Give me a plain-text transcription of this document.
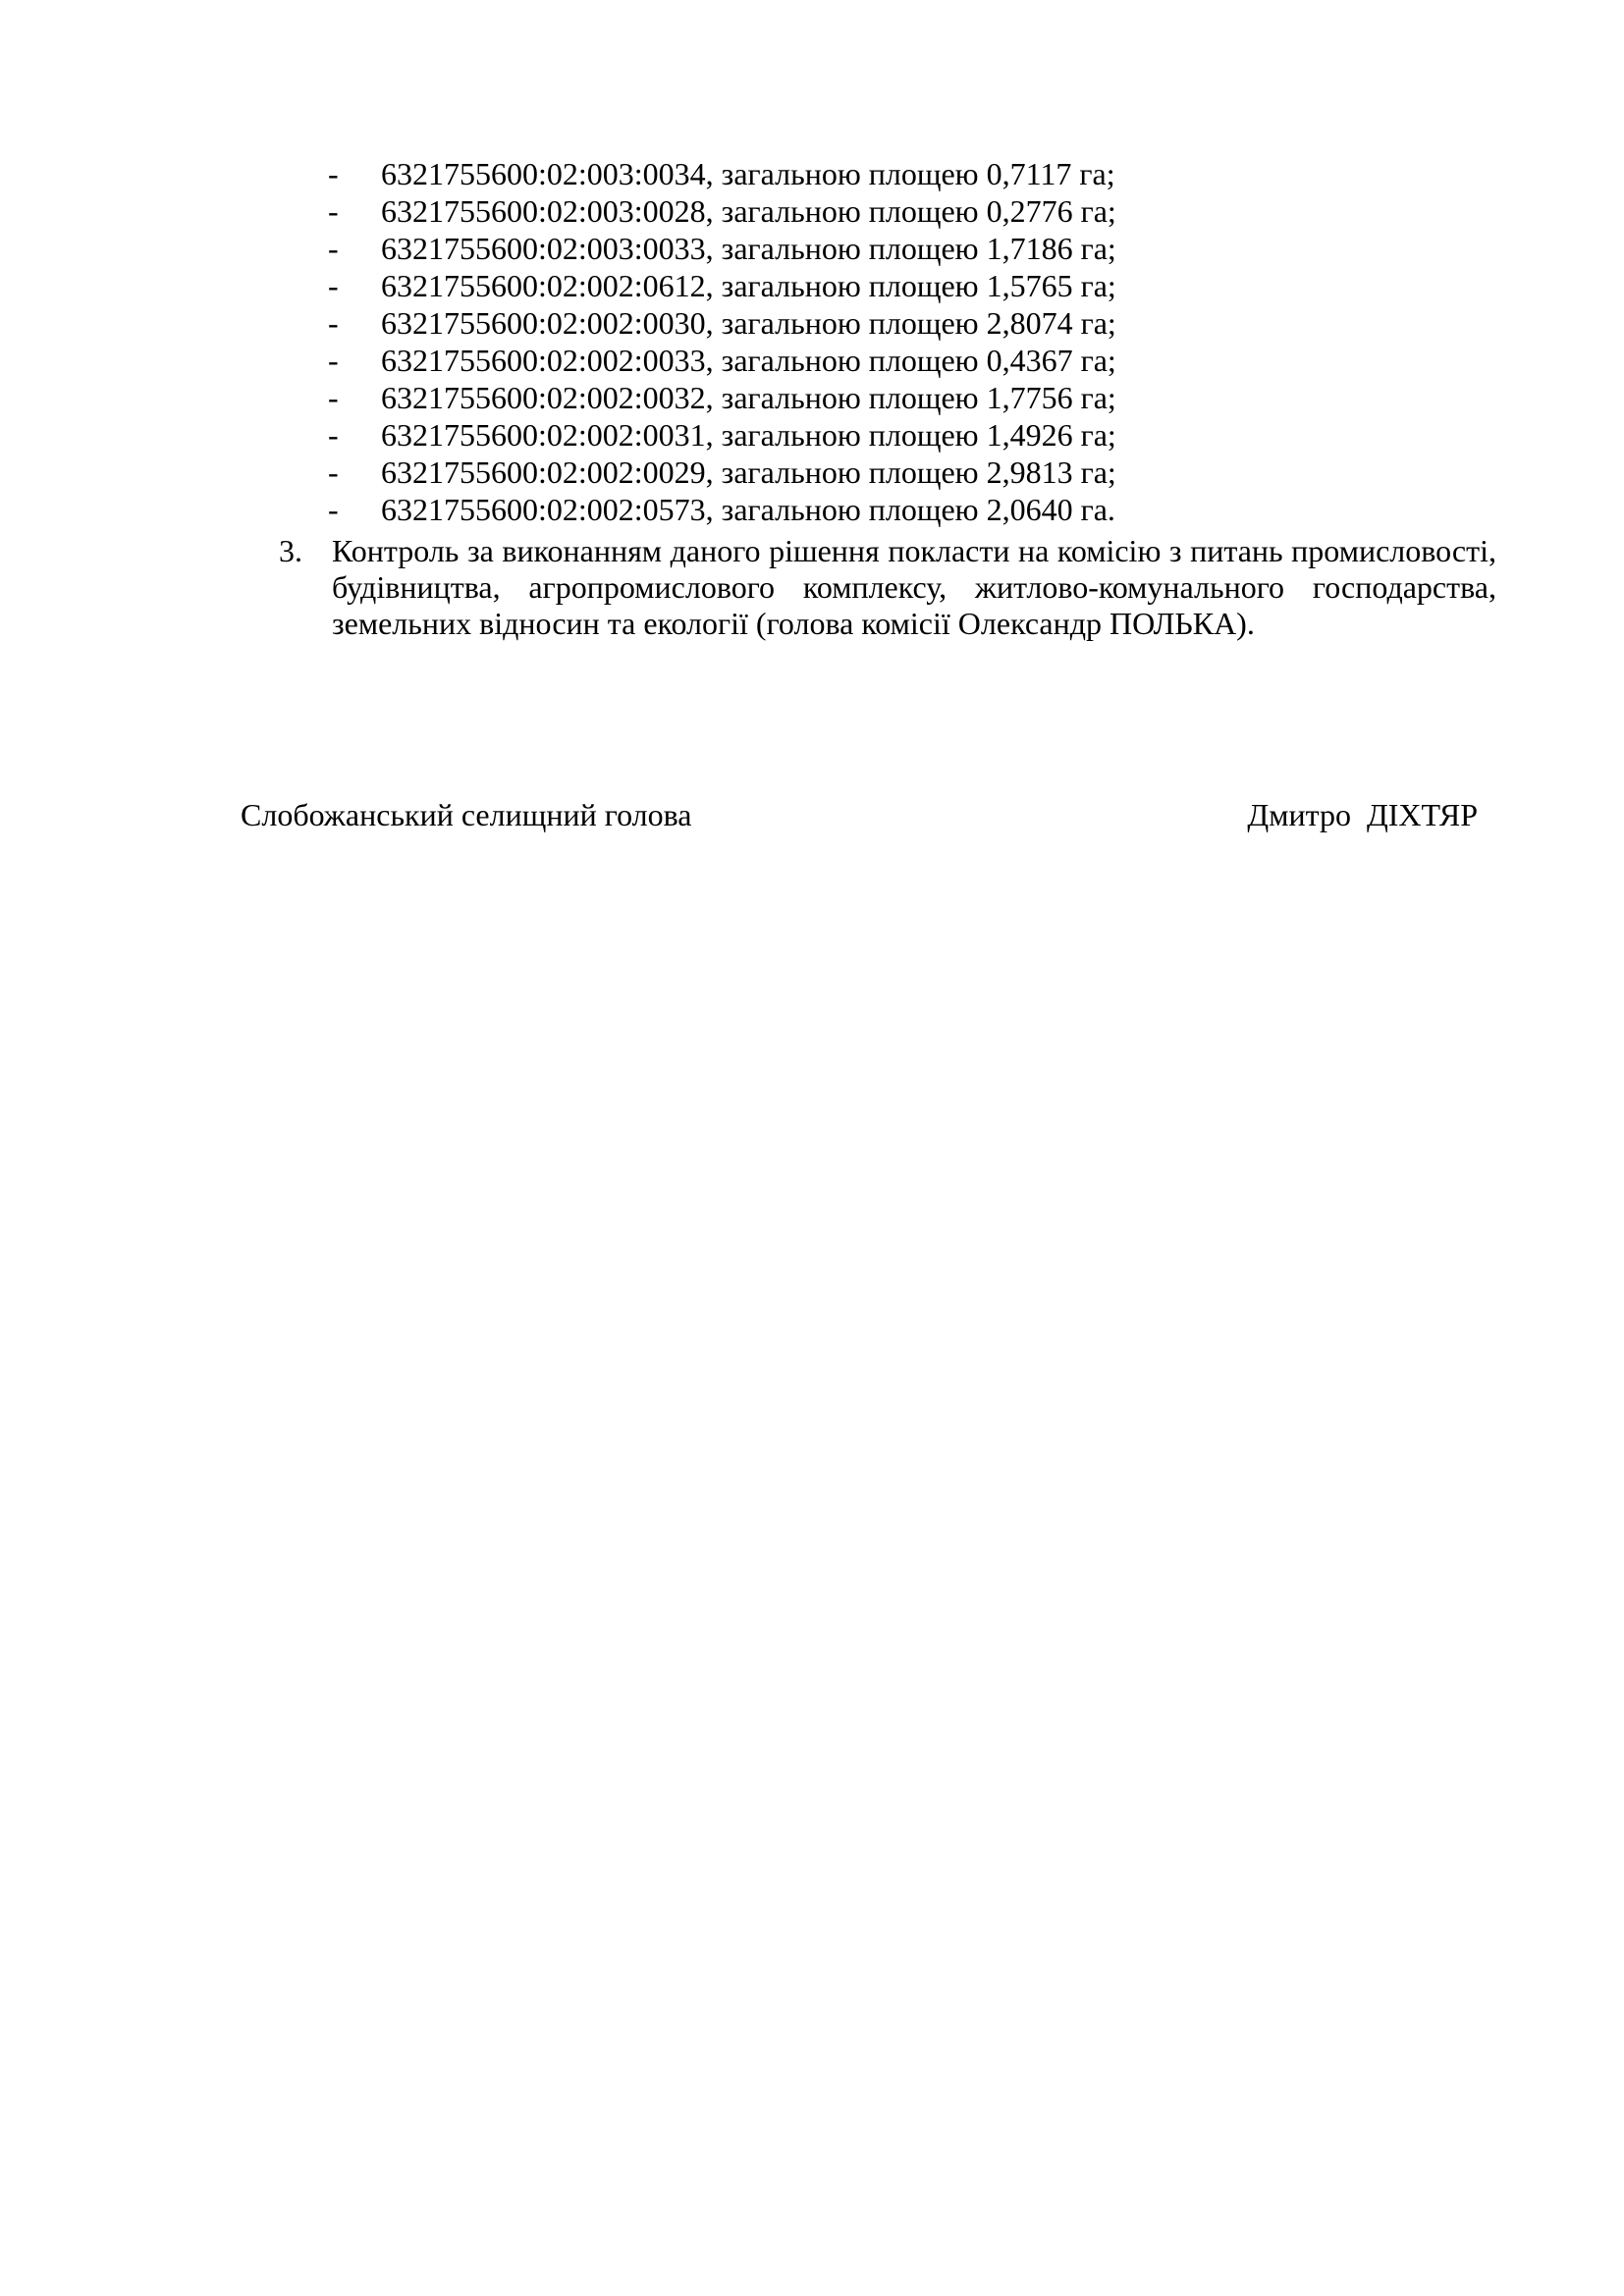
- 6321755600:02:003:0034, загальною площею 0,7117 га;
- 6321755600:02:003:0028, загальною площею 0,2776 га;
- 6321755600:02:003:0033, загальною площею 1,7186 га;
- 6321755600:02:002:0612, загальною площею 1,5765 га;
- 6321755600:02:002:0030, загальною площею 2,8074 га;
- 6321755600:02:002:0033, загальною площею 0,4367 га;
- 6321755600:02:002:0032, загальною площею 1,7756 га;
- 6321755600:02:002:0031, загальною площею 1,4926 га;
- 6321755600:02:002:0029, загальною площею 2,9813 га;
- 6321755600:02:002:0573, загальною площею 2,0640 га.
3. Контроль за виконанням даного рішення покласти на комісію з питань промисловості, будівництва, агропромислового комплексу, житлово-комунального господарства, земельних відносин та екології (голова комісії Олександр ПОЛЬКА).

Слобожанський селищний голова	Дмитро  ДІХТЯР
